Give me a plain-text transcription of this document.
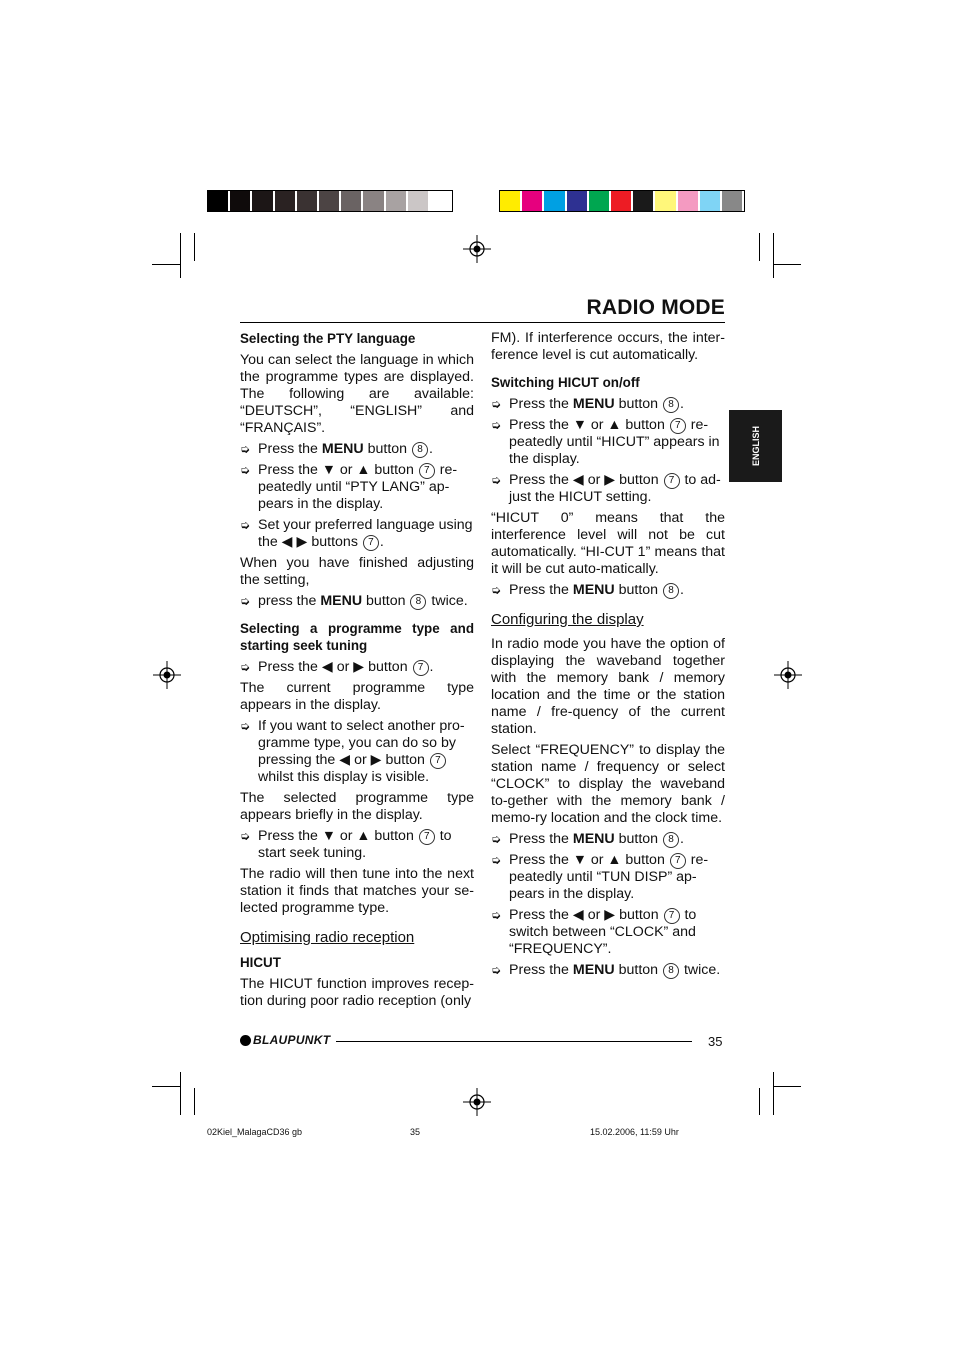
RADIO MODE
ENGLISH

Selecting the PTY language

You can select the language in which the programme types are displayed. The following are available: “DEUTSCH”, “ENGLISH” and “FRANÇAIS”.

➭ Press the MENU button 8 .
➭ Press the ▼ or ▲ button 7 re-peatedly until “PTY LANG” ap-pears in the display.
➭ Set your preferred language using the ◀ ▶ buttons 7 .

When you have finished adjusting the setting,

➭ press the MENU button 8 twice.

Selecting a programme type and starting seek tuning

➭ Press the ◀ or ▶ button 7 .

The current programme type appears in the display.

➭ If you want to select another pro-gramme type, you can do so by pressing the ◀ or ▶ button 7 whilst this display is visible.

The selected programme type appears briefly in the display.

➭ Press the ▼ or ▲ button 7 to start seek tuning.

The radio will then tune into the next station it finds that matches your se-lected programme type.

Optimising radio reception

HICUT

The HICUT function improves recep-tion during poor radio reception (only

FM). If interference occurs, the inter-ference level is cut automatically.

Switching HICUT on/off

➭ Press the MENU button 8 .
➭ Press the ▼ or ▲ button 7 re-peatedly until “HICUT” appears in the display.
➭ Press the ◀ or ▶ button 7 to ad-just the HICUT setting.

“HICUT 0” means that the interference level will not be cut automatically. “HI-CUT 1” means that it will be cut auto-matically.

➭ Press the MENU button 8 .

Configuring the display

In radio mode you have the option of displaying the waveband together with the memory bank / memory location and the time or the station name / fre-quency of the current station.

Select “FREQUENCY” to display the station name / frequency or select “CLOCK” to display the waveband to-gether with the memory bank / memo-ry location and the clock time.

➭ Press the MENU button 8 .
➭ Press the ▼ or ▲ button 7 re-peatedly until “TUN DISP” ap-pears in the display.
➭ Press the ◀ or ▶ button 7 to switch between “CLOCK” and “FREQUENCY”.
➭ Press the MENU button 8 twice.
BLAUPUNKT	35
02Kiel_MalagaCD36 gb	35	15.02.2006, 11:59 Uhr
